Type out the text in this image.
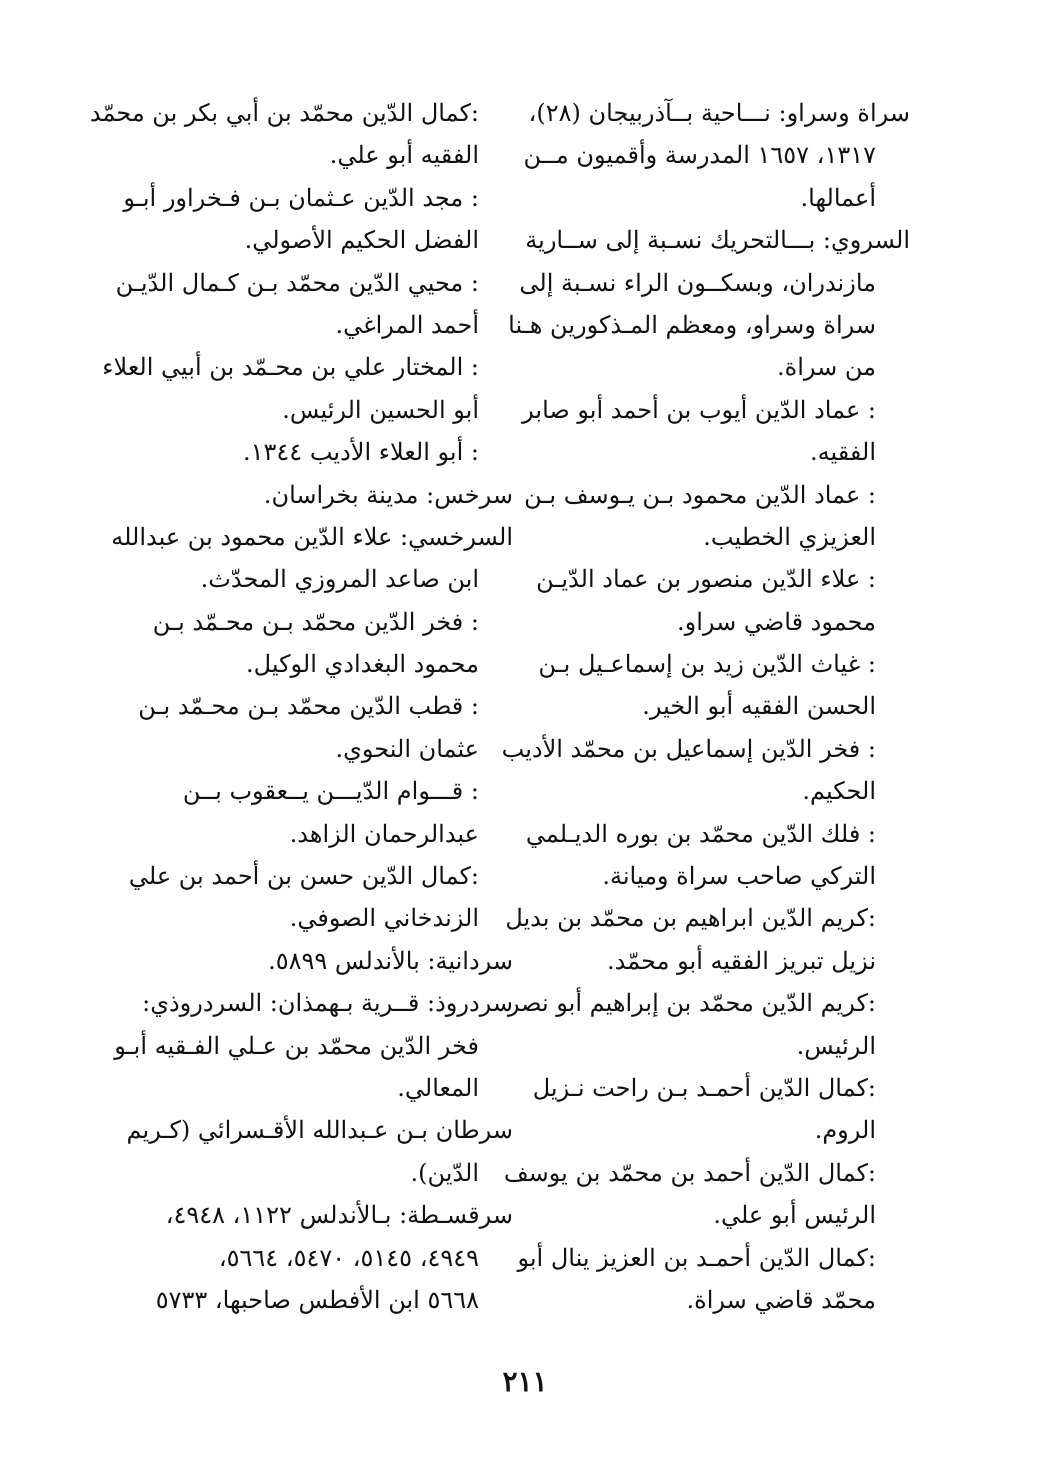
سراة وسراو: نـــاحية بــآذربيجان (٢٨)،
١٣١٧، ١٦٥٧ المدرسة وأقميون مــن
أعمالها.
السروي: بـــالتحريك نسـبة إلى ســارية
مازندران، وبسكــون الراء نسـبة إلى
سراة وسراو، ومعظم المـذكورين هـنا
من سراة.
: عماد الدّين أيوب بن أحمد أبو صابر
الفقيه.
: عماد الدّين محمود بـن يـوسف بـن
العزيزي الخطيب.
: علاء الدّين منصور بن عماد الدّيـن
محمود قاضي سراو.
: غياث الدّين زيد بن إسماعـيل بـن
الحسن الفقيه أبو الخير.
: فخر الدّين إسماعيل بن محمّد الأديب
الحكيم.
: فلك الدّين محمّد بن بوره الديـلمي
التركي صاحب سراة وميانة.
:كريم الدّين ابراهيم بن محمّد بن بديل
نزيل تبريز الفقيه أبو محمّد.
:كريم الدّين محمّد بن إبراهيم أبو نصر
الرئيس.
:كمال الدّين أحمـد بـن راحت نـزيل
الروم.
:كمال الدّين أحمد بن محمّد بن يوسف
الرئيس أبو علي.
:كمال الدّين أحمـد بن العزيز ينال أبو
محمّد قاضي سراة.
:كمال الدّين محمّد بن أبي بكر بن محمّد
الفقيه أبو علي.
: مجد الدّين عـثمان بـن فـخراور أبـو
الفضل الحكيم الأصولي.
: محيي الدّين محمّد بـن كـمال الدّيـن
أحمد المراغي.
: المختار علي بن محـمّد بن أبيي العلاء
أبو الحسين الرئيس.
: أبو العلاء الأديب ١٣٤٤.
سرخس: مدينة بخراسان.
السرخسي: علاء الدّين محمود بن عبدالله
ابن صاعد المروزي المحدّث.
: فخر الدّين محمّد بـن محـمّد بـن
محمود البغدادي الوكيل.
: قطب الدّين محمّد بـن محـمّد بـن
عثمان النحوي.
: قـــوام الدّيـــن يــعقوب بــن
عبدالرحمان الزاهد.
:كمال الدّين حسن بن أحمد بن علي
الزندخاني الصوفي.
سردانية: بالأندلس ٥٨٩٩.
سردروذ: قــرية بـهمذان: السردروذي:
فخر الدّين محمّد بن عـلي الفـقيه أبـو
المعالي.
سرطان بـن عـبدالله الأقـسرائي (كـريم
الدّين).
سرقسـطة: بـالأندلس ١١٢٢، ٤٩٤٨،
٤٩٤٩، ٥١٤٥، ٥٤٧٠، ٥٦٦٤،
٥٦٦٨ ابن الأفطس صاحبها، ٥٧٣٣
٢١١
